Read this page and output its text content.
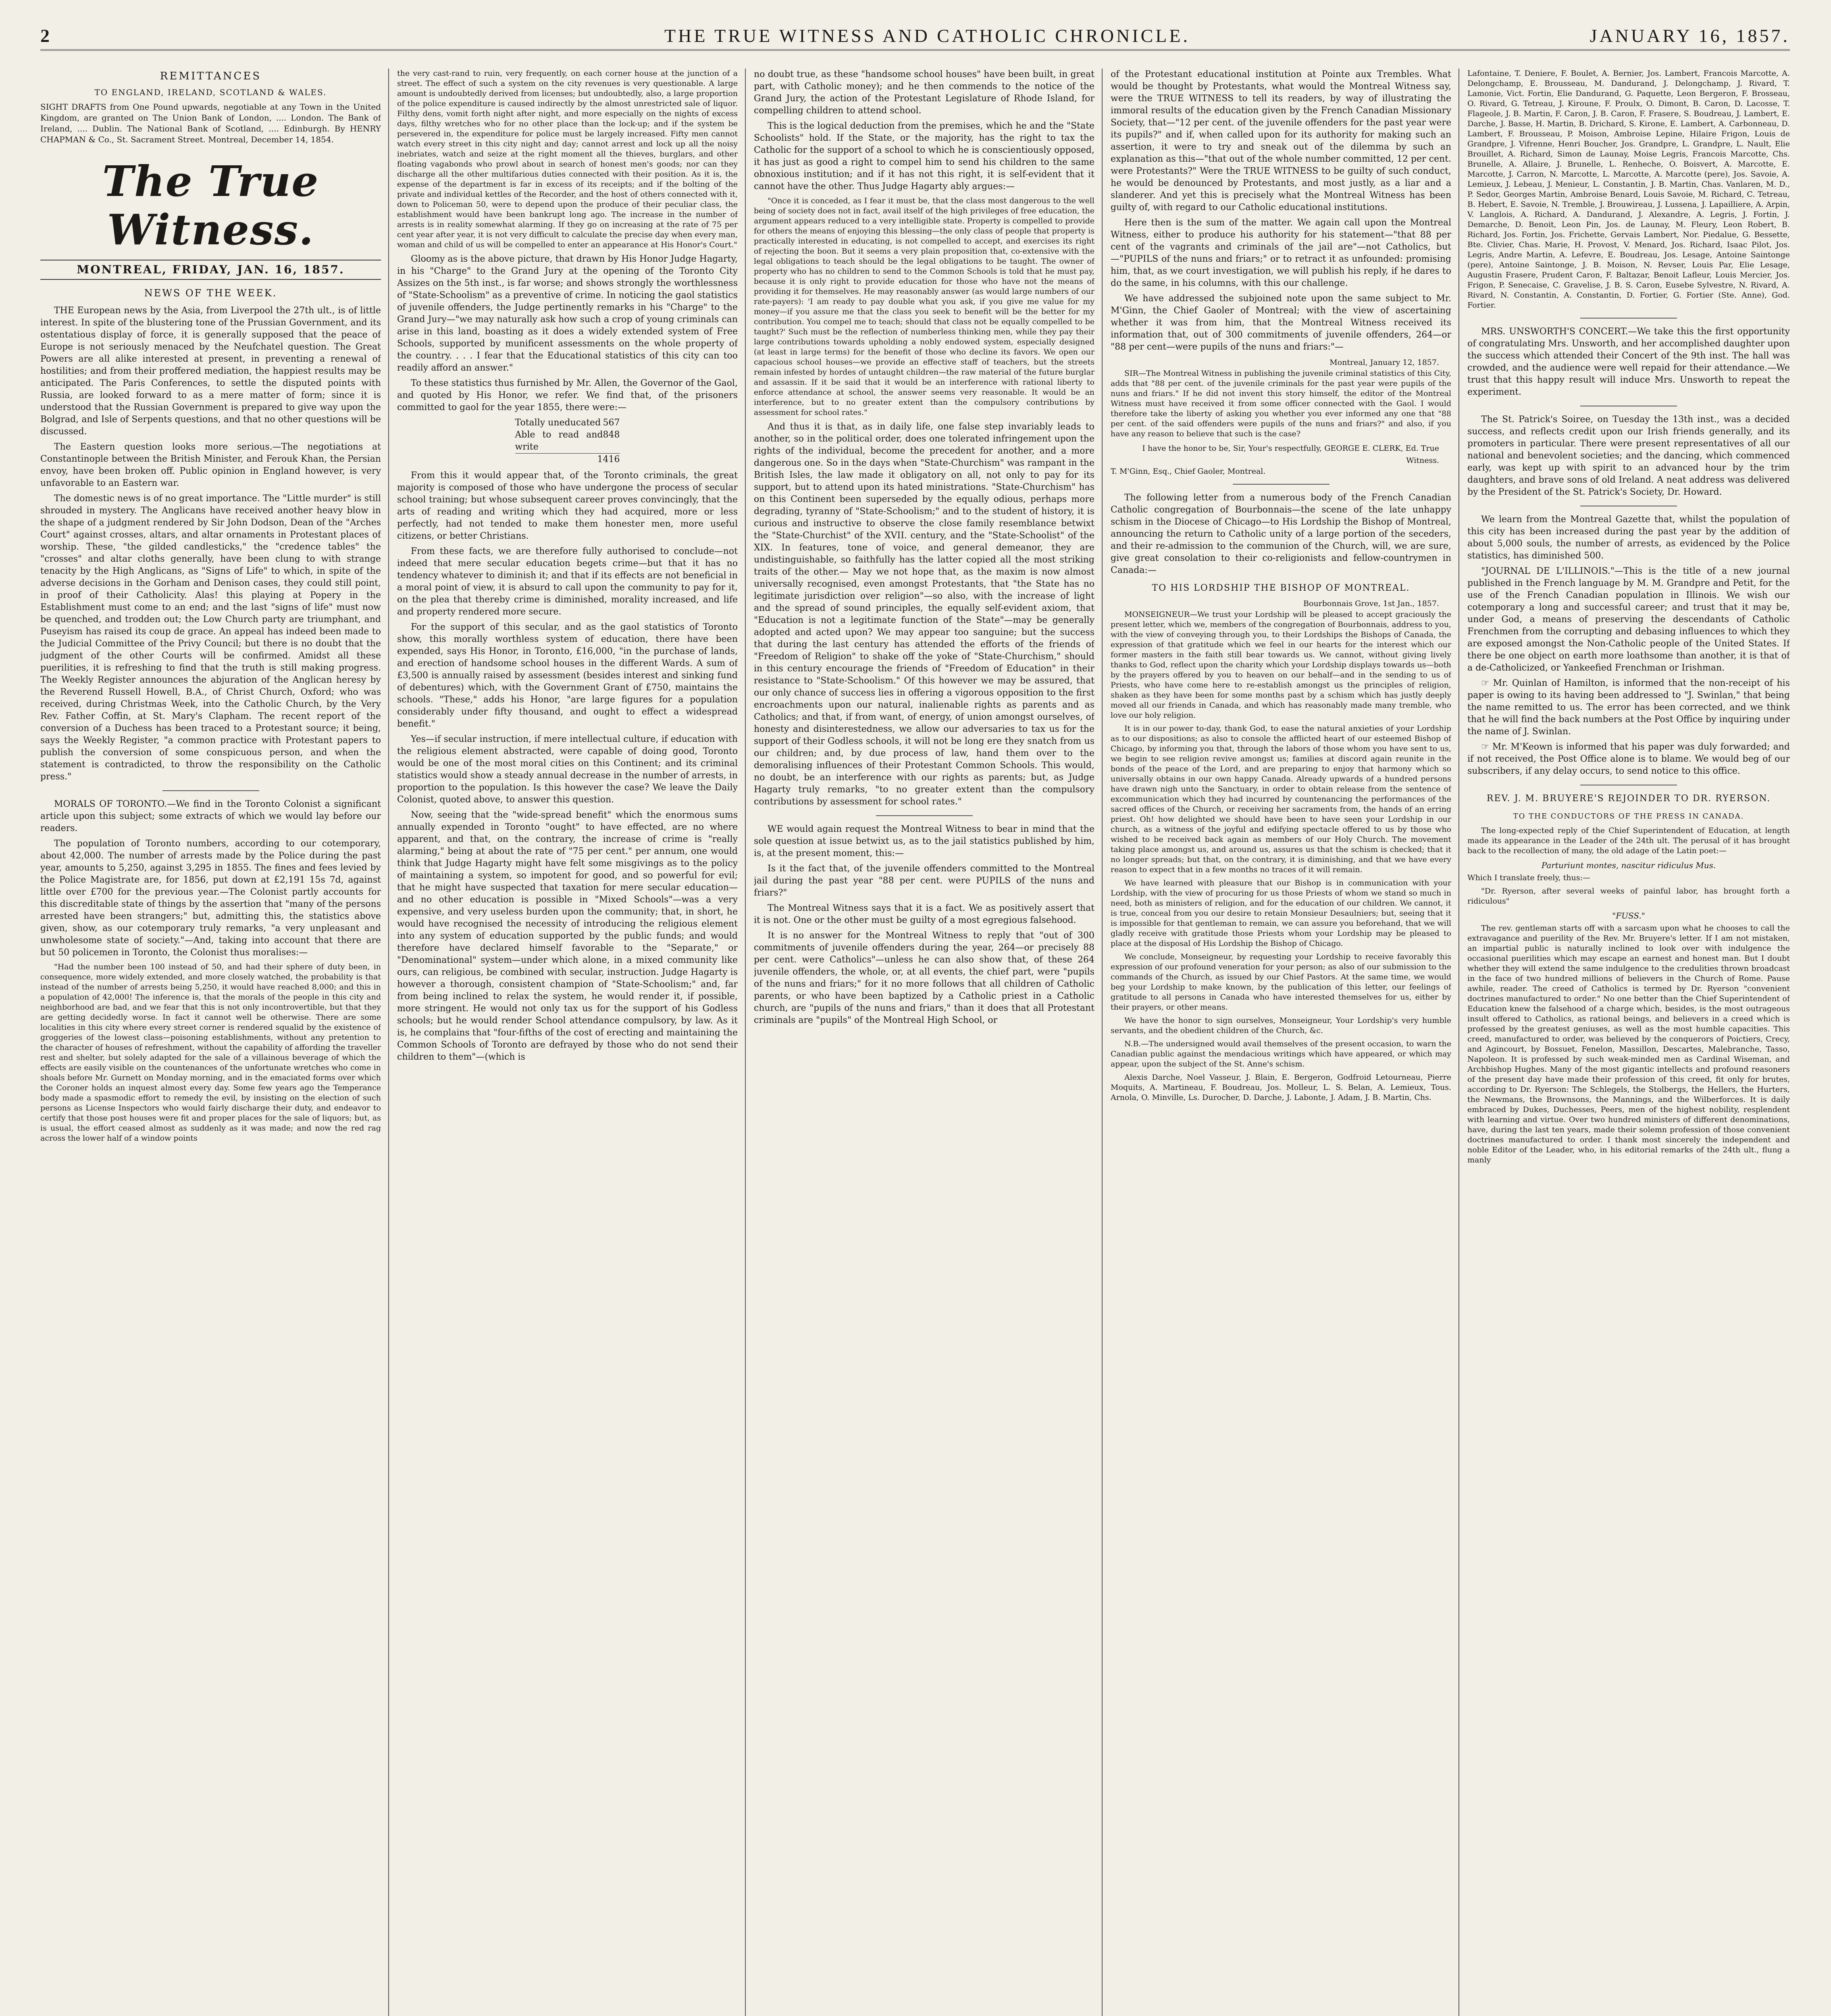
2	THE TRUE WITNESS AND CATHOLIC CHRONICLE.	JANUARY 16, 1857.
REMITTANCES
TO ENGLAND, IRELAND, SCOTLAND & WALES.
SIGHT DRAFTS from One Pound upwards, negotiable at any Town in the United Kingdom, are granted on The Union Bank of London, .... London. The Bank of Ireland, .... Dublin. The National Bank of Scotland, .... Edinburgh. By HENRY CHAPMAN & Co., St. Sacrament Street. Montreal, December 14, 1854.
The True Witness.
MONTREAL, FRIDAY, JAN. 16, 1857.
NEWS OF THE WEEK.

THE European news by the Asia, from Liverpool the 27th ult., is of little interest. In spite of the blustering tone of the Prussian Government, and its ostentatious display of force, it is generally supposed that the peace of Europe is not seriously menaced by the Neufchatel question. The Great Powers are all alike interested at present, in preventing a renewal of hostilities; and from their proffered mediation, the happiest results may be anticipated. The Paris Conferences, to settle the disputed points with Russia, are looked forward to as a mere matter of form; since it is understood that the Russian Government is prepared to give way upon the Bolgrad, and Isle of Serpents questions, and that no other questions will be discussed.

The Eastern question looks more serious.—The negotiations at Constantinople between the British Minister, and Ferouk Khan, the Persian envoy, have been broken off. Public opinion in England however, is very unfavorable to an Eastern war.

The domestic news is of no great importance. The "Little murder" is still shrouded in mystery. The Anglicans have received another heavy blow in the shape of a judgment rendered by Sir John Dodson, Dean of the "Arches Court" against crosses, altars, and altar ornaments in Protestant places of worship. These, "the gilded candlesticks," the "credence tables" the "crosses" and altar cloths generally, have been clung to with strange tenacity by the High Anglicans, as "Signs of Life" to which, in spite of the adverse decisions in the Gorham and Denison cases, they could still point, in proof of their Catholicity. Alas! this playing at Popery in the Establishment must come to an end; and the last "signs of life" must now be quenched, and trodden out; the Low Church party are triumphant, and Puseyism has raised its coup de grace. An appeal has indeed been made to the Judicial Committee of the Privy Council; but there is no doubt that the judgment of the other Courts will be confirmed. Amidst all these puerilities, it is refreshing to find that the truth is still making progress. The Weekly Register announces the abjuration of the Anglican heresy by the Reverend Russell Howell, B.A., of Christ Church, Oxford; who was received, during Christmas Week, into the Catholic Church, by the Very Rev. Father Coffin, at St. Mary's Clapham. The recent report of the conversion of a Duchess has been traced to a Protestant source; it being, says the Weekly Register, "a common practice with Protestant papers to publish the conversion of some conspicuous person, and when the statement is contradicted, to throw the responsibility on the Catholic press."

MORALS OF TORONTO.—We find in the Toronto Colonist a significant article upon this subject; some extracts of which we would lay before our readers.

The population of Toronto numbers, according to our cotemporary, about 42,000. The number of arrests made by the Police during the past year, amounts to 5,250, against 3,295 in 1855. The fines and fees levied by the Police Magistrate are, for 1856, put down at £2,191 15s 7d, against little over £700 for the previous year.—The Colonist partly accounts for this discreditable state of things by the assertion that "many of the persons arrested have been strangers;" but, admitting this, the statistics above given, show, as our cotemporary truly remarks, "a very unpleasant and unwholesome state of society."—And, taking into account that there are but 50 policemen in Toronto, the Colonist thus moralises:—

"Had the number been 100 instead of 50, and had their sphere of duty been, in consequence, more widely extended, and more closely watched, the probability is that instead of the number of arrests being 5,250, it would have reached 8,000; and this in a population of 42,000! The inference is, that the morals of the people in this city and neighborhood are bad, and we fear that this is not only incontrovertible, but that they are getting decidedly worse. In fact it cannot well be otherwise. There are some localities in this city where every street corner is rendered squalid by the existence of groggeries of the lowest class—poisoning establishments, without any pretention to the character of houses of refreshment, without the capability of affording the traveller rest and shelter, but solely adapted for the sale of a villainous beverage of which the effects are easily visible on the countenances of the unfortunate wretches who come in shoals before Mr. Gurnett on Monday morning, and in the emaciated forms over which the Coroner holds an inquest almost every day. Some few years ago the Temperance body made a spasmodic effort to remedy the evil, by insisting on the election of such persons as License Inspectors who would fairly discharge their duty, and endeavor to certify that those post houses were fit and proper places for the sale of liquors; but, as is usual, the effort ceased almost as suddenly as it was made; and now the red rag across the lower half of a window points

the very cast-rand to ruin, very frequently, on each corner house at the junction of a street. The effect of such a system on the city revenues is very questionable. A large amount is undoubtedly derived from licenses; but undoubtedly, also, a large proportion of the police expenditure is caused indirectly by the almost unrestricted sale of liquor. Filthy dens, vomit forth night after night, and more especially on the nights of excess days, filthy wretches who for no other place than the lock-up; and if the system be persevered in, the expenditure for police must be largely increased. Fifty men cannot watch every street in this city night and day; cannot arrest and lock up all the noisy inebriates, watch and seize at the right moment all the thieves, burglars, and other floating vagabonds who prowl about in search of honest men's goods; nor can they discharge all the other multifarious duties connected with their position. As it is, the expense of the department is far in excess of its receipts; and if the bolting of the private and individual kettles of the Recorder, and the host of others connected with it, down to Policeman 50, were to depend upon the produce of their peculiar class, the establishment would have been bankrupt long ago. The increase in the number of arrests is in reality somewhat alarming. If they go on increasing at the rate of 75 per cent year after year, it is not very difficult to calculate the precise day when every man, woman and child of us will be compelled to enter an appearance at His Honor's Court."

Gloomy as is the above picture, that drawn by His Honor Judge Hagarty, in his "Charge" to the Grand Jury at the opening of the Toronto City Assizes on the 5th inst., is far worse; and shows strongly the worthlessness of "State-Schoolism" as a preventive of crime. In noticing the gaol statistics of juvenile offenders, the Judge pertinently remarks in his "Charge" to the Grand Jury—"we may naturally ask how such a crop of young criminals can arise in this land, boasting as it does a widely extended system of Free Schools, supported by munificent assessments on the whole property of the country. . . . I fear that the Educational statistics of this city can too readily afford an answer."

To these statistics thus furnished by Mr. Allen, the Governor of the Gaol, and quoted by His Honor, we refer. We find that, of the prisoners committed to gaol for the year 1855, there were:—

Totally uneducated 567
Able to read and write
848
1416

From this it would appear that, of the Toronto criminals, the great majority is composed of those who have undergone the process of secular school training; but whose subsequent career proves convincingly, that the arts of reading and writing which they had acquired, more or less perfectly, had not tended to make them honester men, more useful citizens, or better Christians.

From these facts, we are therefore fully authorised to conclude—not indeed that mere secular education begets crime—but that it has no tendency whatever to diminish it; and that if its effects are not beneficial in a moral point of view, it is absurd to call upon the community to pay for it, on the plea that thereby crime is diminished, morality increased, and life and property rendered more secure.

For the support of this secular, and as the gaol statistics of Toronto show, this morally worthless system of education, there have been expended, says His Honor, in Toronto, £16,000, "in the purchase of lands, and erection of handsome school houses in the different Wards. A sum of £3,500 is annually raised by assessment (besides interest and sinking fund of debentures) which, with the Government Grant of £750, maintains the schools. "These," adds his Honor, "are large figures for a population considerably under fifty thousand, and ought to effect a widespread benefit."

Yes—if secular instruction, if mere intellectual culture, if education with the religious element abstracted, were capable of doing good, Toronto would be one of the most moral cities on this Continent; and its criminal statistics would show a steady annual decrease in the number of arrests, in proportion to the population. Is this however the case? We leave the Daily Colonist, quoted above, to answer this question.

Now, seeing that the "wide-spread benefit" which the enormous sums annually expended in Toronto "ought" to have effected, are no where apparent, and that, on the contrary, the increase of crime is "really alarming," being at about the rate of "75 per cent." per annum, one would think that Judge Hagarty might have felt some misgivings as to the policy of maintaining a system, so impotent for good, and so powerful for evil; that he might have suspected that taxation for mere secular education—and no other education is possible in "Mixed Schools"—was a very expensive, and very useless burden upon the community; that, in short, he would have recognised the necessity of introducing the religious element into any system of education supported by the public funds; and would therefore have declared himself favorable to the "Separate," or "Denominational" system—under which alone, in a mixed community like ours, can religious, be combined with secular, instruction. Judge Hagarty is however a thorough, consistent champion of "State-Schoolism;" and, far from being inclined to relax the system, he would render it, if possible, more stringent. He would not only tax us for the support of his Godless schools; but he would render School attendance compulsory, by law. As it is, he complains that "four-fifths of the cost of erecting and maintaining the Common Schools of Toronto are defrayed by those who do not send their children to them"—(which is

no doubt true, as these "handsome school houses" have been built, in great part, with Catholic money); and he then commends to the notice of the Grand Jury, the action of the Protestant Legislature of Rhode Island, for compelling children to attend school.

This is the logical deduction from the premises, which he and the "State Schoolists" hold. If the State, or the majority, has the right to tax the Catholic for the support of a school to which he is conscientiously opposed, it has just as good a right to compel him to send his children to the same obnoxious institution; and if it has not this right, it is self-evident that it cannot have the other. Thus Judge Hagarty ably argues:—

"Once it is conceded, as I fear it must be, that the class most dangerous to the well being of society does not in fact, avail itself of the high privileges of free education, the argument appears reduced to a very intelligible state. Property is compelled to provide for others the means of enjoying this blessing—the only class of people that property is practically interested in educating, is not compelled to accept, and exercises its right of rejecting the boon. But it seems a very plain proposition that, co-extensive with the legal obligations to teach should be the legal obligations to be taught. The owner of property who has no children to send to the Common Schools is told that he must pay, because it is only right to provide education for those who have not the means of providing it for themselves. He may reasonably answer (as would large numbers of our rate-payers): 'I am ready to pay double what you ask, if you give me value for my money—if you assure me that the class you seek to benefit will be the better for my contribution. You compel me to teach; should that class not be equally compelled to be taught?' Such must be the reflection of numberless thinking men, while they pay their large contributions towards upholding a nobly endowed system, especially designed (at least in large terms) for the benefit of those who decline its favors. We open our capacious school houses—we provide an effective staff of teachers, but the streets remain infested by hordes of untaught children—the raw material of the future burglar and assassin. If it be said that it would be an interference with rational liberty to enforce attendance at school, the answer seems very reasonable. It would be an interference, but to no greater extent than the compulsory contributions by assessment for school rates."

And thus it is that, as in daily life, one false step invariably leads to another, so in the political order, does one tolerated infringement upon the rights of the individual, become the precedent for another, and a more dangerous one. So in the days when "State-Churchism" was rampant in the British Isles, the law made it obligatory on all, not only to pay for its support, but to attend upon its hated ministrations. "State-Churchism" has on this Continent been superseded by the equally odious, perhaps more degrading, tyranny of "State-Schoolism;" and to the student of history, it is curious and instructive to observe the close family resemblance betwixt the "State-Churchist" of the XVII. century, and the "State-Schoolist" of the XIX. In features, tone of voice, and general demeanor, they are undistinguishable, so faithfully has the latter copied all the most striking traits of the other.— May we not hope that, as the maxim is now almost universally recognised, even amongst Protestants, that "the State has no legitimate jurisdiction over religion"—so also, with the increase of light and the spread of sound principles, the equally self-evident axiom, that "Education is not a legitimate function of the State"—may be generally adopted and acted upon? We may appear too sanguine; but the success that during the last century has attended the efforts of the friends of "Freedom of Religion" to shake off the yoke of "State-Churchism," should in this century encourage the friends of "Freedom of Education" in their resistance to "State-Schoolism." Of this however we may be assured, that our only chance of success lies in offering a vigorous opposition to the first encroachments upon our natural, inalienable rights as parents and as Catholics; and that, if from want, of energy, of union amongst ourselves, of honesty and disinterestedness, we allow our adversaries to tax us for the support of their Godless schools, it will not be long ere they snatch from us our children; and, by due process of law, hand them over to the demoralising influences of their Protestant Common Schools. This would, no doubt, be an interference with our rights as parents; but, as Judge Hagarty truly remarks, "to no greater extent than the compulsory contributions by assessment for school rates."

WE would again request the Montreal Witness to bear in mind that the sole question at issue betwixt us, as to the jail statistics published by him, is, at the present moment, this:—

Is it the fact that, of the juvenile offenders committed to the Montreal jail during the past year "88 per cent. were PUPILS of the nuns and friars?"

The Montreal Witness says that it is a fact. We as positively assert that it is not. One or the other must be guilty of a most egregious falsehood.

It is no answer for the Montreal Witness to reply that "out of 300 commitments of juvenile offenders during the year, 264—or precisely 88 per cent. were Catholics"—unless he can also show that, of these 264 juvenile offenders, the whole, or, at all events, the chief part, were "pupils of the nuns and friars;" for it no more follows that all children of Catholic parents, or who have been baptized by a Catholic priest in a Catholic church, are "pupils of the nuns and friars," than it does that all Protestant criminals are "pupils" of the Montreal High School, or

of the Protestant educational institution at Pointe aux Trembles. What would be thought by Protestants, what would the Montreal Witness say, were the TRUE WITNESS to tell its readers, by way of illustrating the immoral results of the education given by the French Canadian Missionary Society, that—"12 per cent. of the juvenile offenders for the past year were its pupils?" and if, when called upon for its authority for making such an assertion, it were to try and sneak out of the dilemma by such an explanation as this—"that out of the whole number committed, 12 per cent. were Protestants?" Were the TRUE WITNESS to be guilty of such conduct, he would be denounced by Protestants, and most justly, as a liar and a slanderer. And yet this is precisely what the Montreal Witness has been guilty of, with regard to our Catholic educational institutions.

Here then is the sum of the matter. We again call upon the Montreal Witness, either to produce his authority for his statement—"that 88 per cent of the vagrants and criminals of the jail are"—not Catholics, but—"PUPILS of the nuns and friars;" or to retract it as unfounded: promising him, that, as we court investigation, we will publish his reply, if he dares to do the same, in his columns, with this our challenge.

We have addressed the subjoined note upon the same subject to Mr. M'Ginn, the Chief Gaoler of Montreal; with the view of ascertaining whether it was from him, that the Montreal Witness received its information that, out of 300 commitments of juvenile offenders, 264—or "88 per cent—were pupils of the nuns and friars:"—

Montreal, January 12, 1857.

SIR—The Montreal Witness in publishing the juvenile criminal statistics of this City, adds that "88 per cent. of the juvenile criminals for the past year were pupils of the nuns and friars." If he did not invent this story himself, the editor of the Montreal Witness must have received it from some officer connected with the Gaol. I would therefore take the liberty of asking you whether you ever informed any one that "88 per cent. of the said offenders were pupils of the nuns and friars?" and also, if you have any reason to believe that such is the case?

I have the honor to be, Sir, Your's respectfully, GEORGE E. CLERK, Ed. True Witness.

T. M'Ginn, Esq., Chief Gaoler, Montreal.

The following letter from a numerous body of the French Canadian Catholic congregation of Bourbonnais—the scene of the late unhappy schism in the Diocese of Chicago—to His Lordship the Bishop of Montreal, announcing the return to Catholic unity of a large portion of the seceders, and their re-admission to the communion of the Church, will, we are sure, give great consolation to their co-religionists and fellow-countrymen in Canada:—

TO HIS LORDSHIP THE BISHOP OF MONTREAL.
Bourbonnais Grove, 1st Jan., 1857.

MONSEIGNEUR—We trust your Lordship will be pleased to accept graciously the present letter, which we, members of the congregation of Bourbonnais, address to you, with the view of conveying through you, to their Lordships the Bishops of Canada, the expression of that gratitude which we feel in our hearts for the interest which our former masters in the faith still bear towards us. We cannot, without giving lively thanks to God, reflect upon the charity which your Lordship displays towards us—both by the prayers offered by you to heaven on our behalf—and in the sending to us of Priests, who have come here to re-establish amongst us the principles of religion, shaken as they have been for some months past by a schism which has justly deeply moved all our friends in Canada, and which has reasonably made many tremble, who love our holy religion.

It is in our power to-day, thank God, to ease the natural anxieties of your Lordship as to our dispositions; as also to console the afflicted heart of our esteemed Bishop of Chicago, by informing you that, through the labors of those whom you have sent to us, we begin to see religion revive amongst us; families at discord again reunite in the bonds of the peace of the Lord, and are preparing to enjoy that harmony which so universally obtains in our own happy Canada. Already upwards of a hundred persons have drawn nigh unto the Sanctuary, in order to obtain release from the sentence of excommunication which they had incurred by countenancing the performances of the sacred offices of the Church, or receiving her sacraments from, the hands of an erring priest. Oh! how delighted we should have been to have seen your Lordship in our church, as a witness of the joyful and edifying spectacle offered to us by those who wished to be received back again as members of our Holy Church. The movement taking place amongst us, and around us, assures us that the schism is checked; that it no longer spreads; but that, on the contrary, it is diminishing, and that we have every reason to expect that in a few months no traces of it will remain.

We have learned with pleasure that our Bishop is in communication with your Lordship, with the view of procuring for us those Priests of whom we stand so much in need, both as ministers of religion, and for the education of our children. We cannot, it is true, conceal from you our desire to retain Monsieur Desaulniers; but, seeing that it is impossible for that gentleman to remain, we can assure you beforehand, that we will gladly receive with gratitude those Priests whom your Lordship may be pleased to place at the disposal of His Lordship the Bishop of Chicago.

We conclude, Monseigneur, by requesting your Lordship to receive favorably this expression of our profound veneration for your person; as also of our submission to the commands of the Church, as issued by our Chief Pastors. At the same time, we would beg your Lordship to make known, by the publication of this letter, our feelings of gratitude to all persons in Canada who have interested themselves for us, either by their prayers, or other means.

We have the honor to sign ourselves, Monseigneur, Your Lordship's very humble servants, and the obedient children of the Church, &c.

N.B.—The undersigned would avail themselves of the present occasion, to warn the Canadian public against the mendacious writings which have appeared, or which may appear, upon the subject of the St. Anne's schism.

Alexis Darche, Noel Vasseur, J. Blain, E. Bergeron, Godfroid Letourneau, Pierre Moquits, A. Martineau, F. Boudreau, Jos. Molleur, L. S. Belan, A. Lemieux, Tous. Arnola, O. Minville, Ls. Durocher, D. Darche, J. Labonte, J. Adam, J. B. Martin, Chs.

Lafontaine, T. Deniere, F. Boulet, A. Bernier, Jos. Lambert, Francois Marcotte, A. Delongchamp, E. Brousseau, M. Dandurand, J. Delongchamp, J. Rivard, T. Lamonie, Vict. Fortin, Elie Dandurand, G. Paquette, Leon Bergeron, F. Brosseau, O. Rivard, G. Tetreau, J. Kiroune, F. Proulx, O. Dimont, B. Caron, D. Lacosse, T. Flageole, J. B. Martin, F. Caron, J. B. Caron, F. Frasere, S. Boudreau, J. Lambert, E. Darche, J. Basse, H. Martin, B. Drichard, S. Kirone, E. Lambert, A. Carbonneau, D. Lambert, F. Brousseau, P. Moison, Ambroise Lepine, Hilaire Frigon, Louis de Grandpre, J. Vifrenne, Henri Boucher, Jos. Grandpre, L. Grandpre, L. Nault, Elie Brouillet, A. Richard, Simon de Launay, Moise Legris, Francois Marcotte, Chs. Brunelle, A. Allaire, J. Brunelle, L. Renheche, O. Boisvert, A. Marcotte, E. Marcotte, J. Carron, N. Marcotte, L. Marcotte, A. Marcotte (pere), Jos. Savoie, A. Lemieux, J. Lebeau, J. Menieur, L. Constantin, J. B. Martin, Chas. Vanlaren, M. D., P. Sedor, Georges Martin, Ambroise Benard, Louis Savoie, M. Richard, C. Tetreau, B. Hebert, E. Savoie, N. Tremble, J. Brouwireau, J. Lussena, J. Lapailliere, A. Arpin, V. Langlois, A. Richard, A. Dandurand, J. Alexandre, A. Legris, J. Fortin, J. Demarche, D. Benoit, Leon Pin, Jos. de Launay, M. Fleury, Leon Robert, B. Richard, Jos. Fortin, Jos. Frichette, Gervais Lambert, Nor. Piedalue, G. Bessette, Bte. Clivier, Chas. Marie, H. Provost, V. Menard, Jos. Richard, Isaac Pilot, Jos. Legris, Andre Martin, A. Lefevre, E. Boudreau, Jos. Lesage, Antoine Saintonge (pere), Antoine Saintonge, J. B. Moison, N. Revser, Louis Par, Elie Lesage, Augustin Frasere, Prudent Caron, F. Baltazar, Benoit Lafleur, Louis Mercier, Jos. Frigon, P. Senecaise, C. Gravelise, J. B. S. Caron, Eusebe Sylvestre, N. Rivard, A. Rivard, N. Constantin, A. Constantin, D. Fortier, G. Fortier (Ste. Anne), God. Fortier.

MRS. UNSWORTH'S CONCERT.—We take this the first opportunity of congratulating Mrs. Unsworth, and her accomplished daughter upon the success which attended their Concert of the 9th inst. The hall was crowded, and the audience were well repaid for their attendance.—We trust that this happy result will induce Mrs. Unsworth to repeat the experiment.

The St. Patrick's Soiree, on Tuesday the 13th inst., was a decided success, and reflects credit upon our Irish friends generally, and its promoters in particular. There were present representatives of all our national and benevolent societies; and the dancing, which commenced early, was kept up with spirit to an advanced hour by the trim daughters, and brave sons of old Ireland. A neat address was delivered by the President of the St. Patrick's Society, Dr. Howard.

We learn from the Montreal Gazette that, whilst the population of this city has been increased during the past year by the addition of about 5,000 souls, the number of arrests, as evidenced by the Police statistics, has diminished 500.

"JOURNAL DE L'ILLINOIS."—This is the title of a new journal published in the French language by M. M. Grandpre and Petit, for the use of the French Canadian population in Illinois. We wish our cotemporary a long and successful career; and trust that it may be, under God, a means of preserving the descendants of Catholic Frenchmen from the corrupting and debasing influences to which they are exposed amongst the Non-Catholic people of the United States. If there be one object on earth more loathsome than another, it is that of a de-Catholicized, or Yankeefied Frenchman or Irishman.

☞ Mr. Quinlan of Hamilton, is informed that the non-receipt of his paper is owing to its having been addressed to "J. Swinlan," that being the name remitted to us. The error has been corrected, and we think that he will find the back numbers at the Post Office by inquiring under the name of J. Swinlan.

☞ Mr. M'Keown is informed that his paper was duly forwarded; and if not received, the Post Office alone is to blame. We would beg of our subscribers, if any delay occurs, to send notice to this office.

REV. J. M. BRUYERE'S REJOINDER TO DR. RYERSON.
TO THE CONDUCTORS OF THE PRESS IN CANADA.

The long-expected reply of the Chief Superintendent of Education, at length made its appearance in the Leader of the 24th ult. The perusal of it has brought back to the recollection of many, the old adage of the Latin poet:—

Parturiunt montes, nascitur ridiculus Mus.

Which I translate freely, thus:—

"Dr. Ryerson, after several weeks of painful labor, has brought forth a ridiculous"

"FUSS."

The rev. gentleman starts off with a sarcasm upon what he chooses to call the extravagance and puerility of the Rev. Mr. Bruyere's letter. If I am not mistaken, an impartial public is naturally inclined to look over with indulgence the occasional puerilities which may escape an earnest and honest man. But I doubt whether they will extend the same indulgence to the credulities thrown broadcast in the face of two hundred millions of believers in the Church of Rome. Pause awhile, reader. The creed of Catholics is termed by Dr. Ryerson "convenient doctrines manufactured to order." No one better than the Chief Superintendent of Education knew the falsehood of a charge which, besides, is the most outrageous insult offered to Catholics, as rational beings, and believers in a creed which is professed by the greatest geniuses, as well as the most humble capacities. This creed, manufactured to order, was believed by the conquerors of Poictiers, Crecy, and Agincourt, by Bossuet, Fenelon, Massillon, Descartes, Malebranche, Tasso, Napoleon. It is professed by such weak-minded men as Cardinal Wiseman, and Archbishop Hughes. Many of the most gigantic intellects and profound reasoners of the present day have made their profession of this creed, fit only for brutes, according to Dr. Ryerson: The Schlegels, the Stolbergs, the Hellers, the Hurters, the Newmans, the Brownsons, the Mannings, and the Wilberforces. It is daily embraced by Dukes, Duchesses, Peers, men of the highest nobility, resplendent with learning and virtue. Over two hundred ministers of different denominations, have, during the last ten years, made their solemn profession of those convenient doctrines manufactured to order. I thank most sincerely the independent and noble Editor of the Leader, who, in his editorial remarks of the 24th ult., flung a manly
